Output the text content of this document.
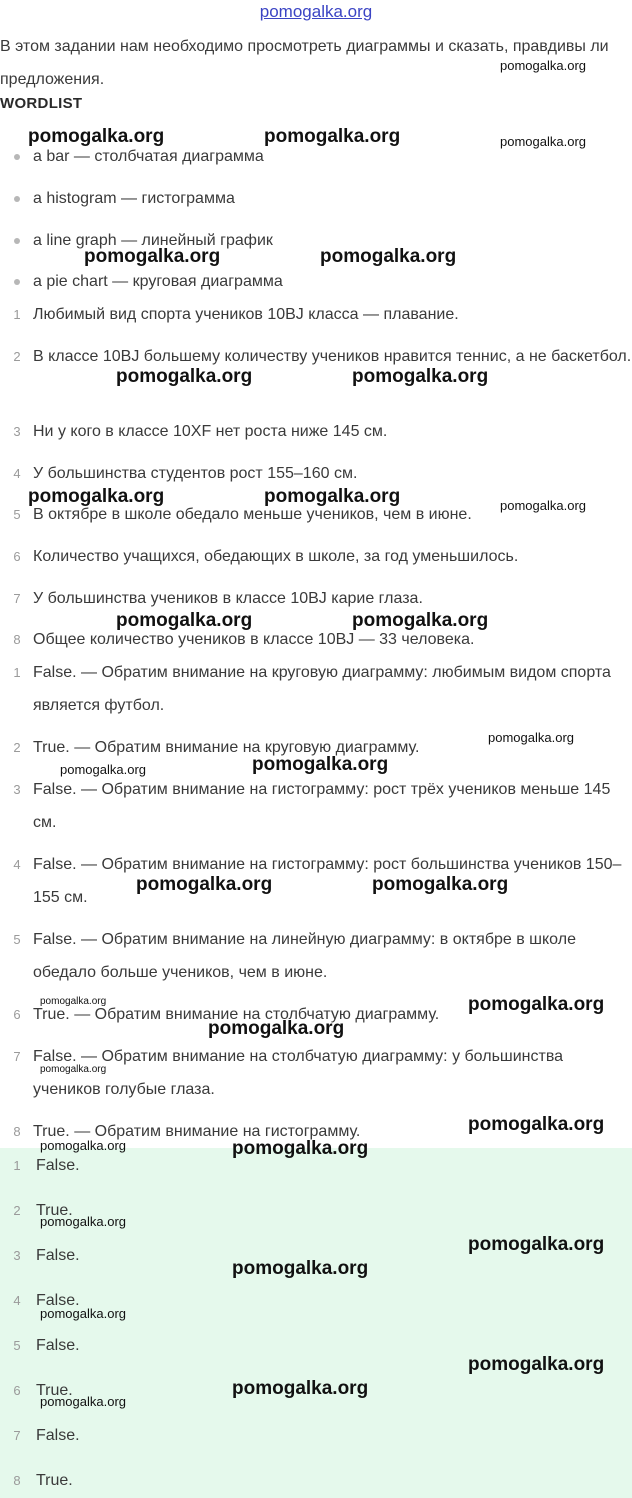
pomogalka.org
В этом задании нам необходимо просмотреть диаграммы и сказать, правдивы ли предложения.
WORDLIST
a bar — столбчатая диаграмма
a histogram — гистограмма
a line graph — линейный график
a pie chart — круговая диаграмма
1 Любимый вид спорта учеников 10BJ класса — плавание.
2 В классе 10BJ большему количеству учеников нравится теннис, а не баскетбол.
3 Ни у кого в классе 10XF нет роста ниже 145 см.
4 У большинства студентов рост 155–160 см.
5 В октябре в школе обедало меньше учеников, чем в июне.
6 Количество учащихся, обедающих в школе, за год уменьшилось.
7 У большинства учеников в классе 10BJ карие глаза.
8 Общее количество учеников в классе 10BJ — 33 человека.
1 False. — Обратим внимание на круговую диаграмму: любимым видом спорта является футбол.
2 True. — Обратим внимание на круговую диаграмму.
3 False. — Обратим внимание на гистограмму: рост трёх учеников меньше 145 см.
4 False. — Обратим внимание на гистограмму: рост большинства учеников 150–155 см.
5 False. — Обратим внимание на линейную диаграмму: в октябре в школе обедало больше учеников, чем в июне.
6 True. — Обратим внимание на столбчатую диаграмму.
7 False. — Обратим внимание на столбчатую диаграмму: у большинства учеников голубые глаза.
8 True. — Обратим внимание на гистограмму.
1 False.
2 True.
3 False.
4 False.
5 False.
6 True.
7 False.
8 True.
pomogalka.org
pomogalka.org	pomogalka.org	pomogalka.org
pomogalka.org	pomogalka.org
pomogalka.org	pomogalka.org
pomogalka.org	pomogalka.org	pomogalka.org
pomogalka.org	pomogalka.org
pomogalka.org
pomogalka.org	pomogalka.org
pomogalka.org	pomogalka.org
pomogalka.org	pomogalka.org
pomogalka.org
pomogalka.org
pomogalka.org
pomogalka.org	pomogalka.org
pomogalka.org
pomogalka.org
pomogalka.org
pomogalka.org
pomogalka.org
pomogalka.org
pomogalka.org
